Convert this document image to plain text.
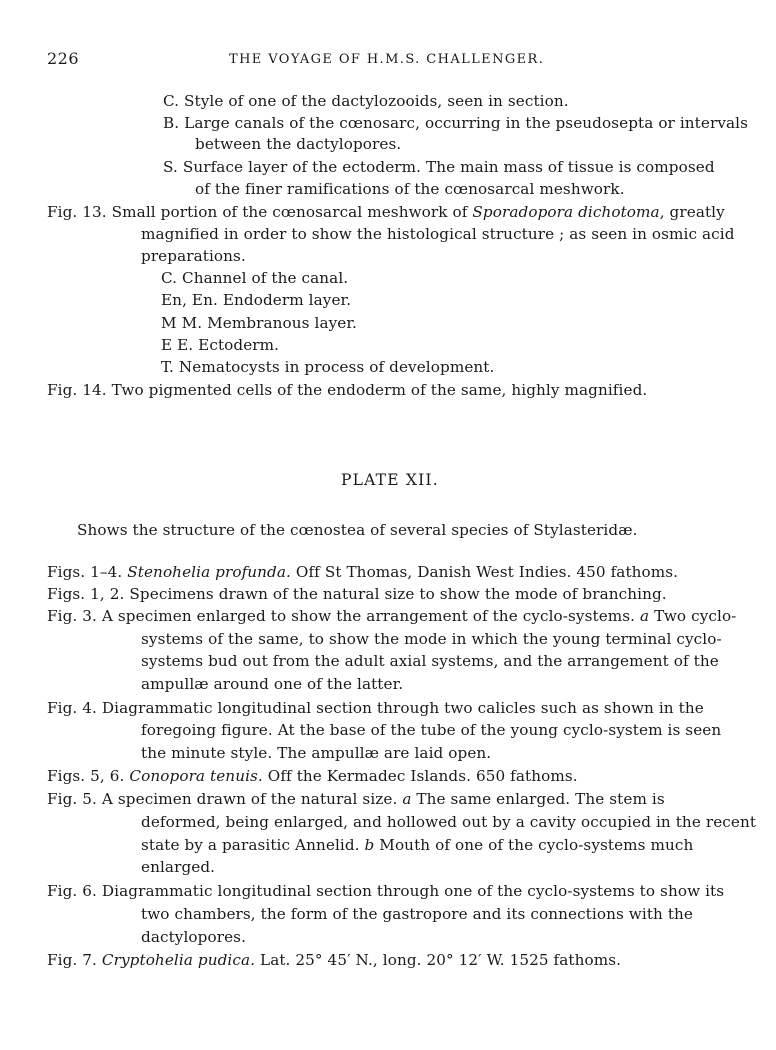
226	THE VOYAGE OF H.M.S. CHALLENGER.
C. Style of one of the dactylozooids, seen in section.
B. Large canals of the cœnosarc, occurring in the pseudosepta or intervals
between the dactylopores.
S. Surface layer of the ectoderm. The main mass of tissue is composed
of the finer ramifications of the cœnosarcal meshwork.
Fig. 13. Small portion of the cœnosarcal meshwork of Sporadopora dichotoma, greatly
magnified in order to show the histological structure ; as seen in osmic acid
preparations.
C. Channel of the canal.
En, En. Endoderm layer.
M M. Membranous layer.
E E. Ectoderm.
T. Nematocysts in process of development.
Fig. 14. Two pigmented cells of the endoderm of the same, highly magnified.
PLATE XII.
Shows the structure of the cœnostea of several species of Stylasteridæ.
Figs. 1–4. Stenohelia profunda. Off St Thomas, Danish West Indies. 450 fathoms.
Figs. 1, 2. Specimens drawn of the natural size to show the mode of branching.
Fig. 3. A specimen enlarged to show the arrangement of the cyclo-systems. a Two cyclo-
systems of the same, to show the mode in which the young terminal cyclo-
systems bud out from the adult axial systems, and the arrangement of the
ampullæ around one of the latter.
Fig. 4. Diagrammatic longitudinal section through two calicles such as shown in the
foregoing figure. At the base of the tube of the young cyclo-system is seen
the minute style. The ampullæ are laid open.
Figs. 5, 6. Conopora tenuis. Off the Kermadec Islands. 650 fathoms.
Fig. 5. A specimen drawn of the natural size. a The same enlarged. The stem is
deformed, being enlarged, and hollowed out by a cavity occupied in the recent
state by a parasitic Annelid. b Mouth of one of the cyclo-systems much
enlarged.
Fig. 6. Diagrammatic longitudinal section through one of the cyclo-systems to show its
two chambers, the form of the gastropore and its connections with the
dactylopores.
Fig. 7. Cryptohelia pudica. Lat. 25° 45′ N., long. 20° 12′ W. 1525 fathoms.
